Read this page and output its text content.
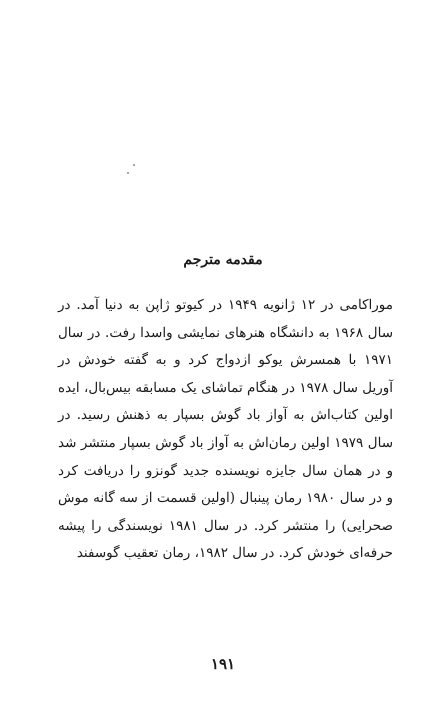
مقدمه مترجم
موراکامی در ۱۲ ژانویه ۱۹۴۹ در کیوتو ژاپن به دنیا آمد. در
سال ۱۹۶۸ به دانشگاه هنرهای نمایشی واسدا رفت. در سال
۱۹۷۱ با همسرش یوکو ازدواج کرد و به گفته خودش در
آوریل سال ۱۹۷۸ در هنگام تماشای یک مسابقه بیس‌بال، ایده
اولین کتاب‌اش به آواز باد گوش بسپار به ذهنش رسید. در
سال ۱۹۷۹ اولین رمان‌اش به آواز باد گوش بسپار منتشر شد
و در همان سال جایزه نویسنده جدید گونزو را دریافت کرد
و در سال ۱۹۸۰ رمان پینبال (اولین قسمت از سه گانه موش
صحرایی) را منتشر کرد. در سال ۱۹۸۱ نویسندگی را پیشه
حرفه‌ای خودش کرد. در سال ۱۹۸۲، رمان تعقیب گوسفند
۱۹۱
